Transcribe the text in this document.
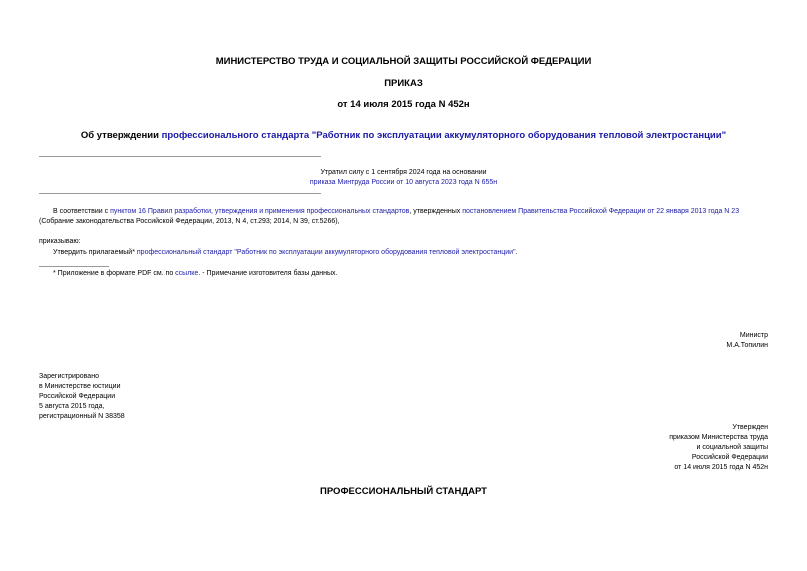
МИНИСТЕРСТВО ТРУДА И СОЦИАЛЬНОЙ ЗАЩИТЫ РОССИЙСКОЙ ФЕДЕРАЦИИ
ПРИКАЗ
от 14 июля 2015 года N 452н
Об утверждении профессионального стандарта "Работник по эксплуатации аккумуляторного оборудования тепловой электростанции"
Утратил силу с 1 сентября 2024 года на основании
приказа Минтруда России от 10 августа 2023 года N 655н
В соответствии с пунктом 16 Правил разработки, утверждения и применения профессиональных стандартов, утвержденных постановлением Правительства Российской Федерации от 22 января 2013 года N 23
(Собрание законодательства Российской Федерации, 2013, N 4, ст.293; 2014, N 39, ст.5266),
приказываю:
Утвердить прилагаемый* профессиональный стандарт "Работник по эксплуатации аккумуляторного оборудования тепловой электростанции".
* Приложение в формате PDF см. по ссылке. - Примечание изготовителя базы данных.
Министр
М.А.Топилин
Зарегистрировано
в Министерстве юстиции
Российской Федерации
5 августа 2015 года,
регистрационный N 38358
Утвержден
приказом Министерства труда
и социальной защиты
Российской Федерации
от 14 июля 2015 года N 452н
ПРОФЕССИОНАЛЬНЫЙ СТАНДАРТ
